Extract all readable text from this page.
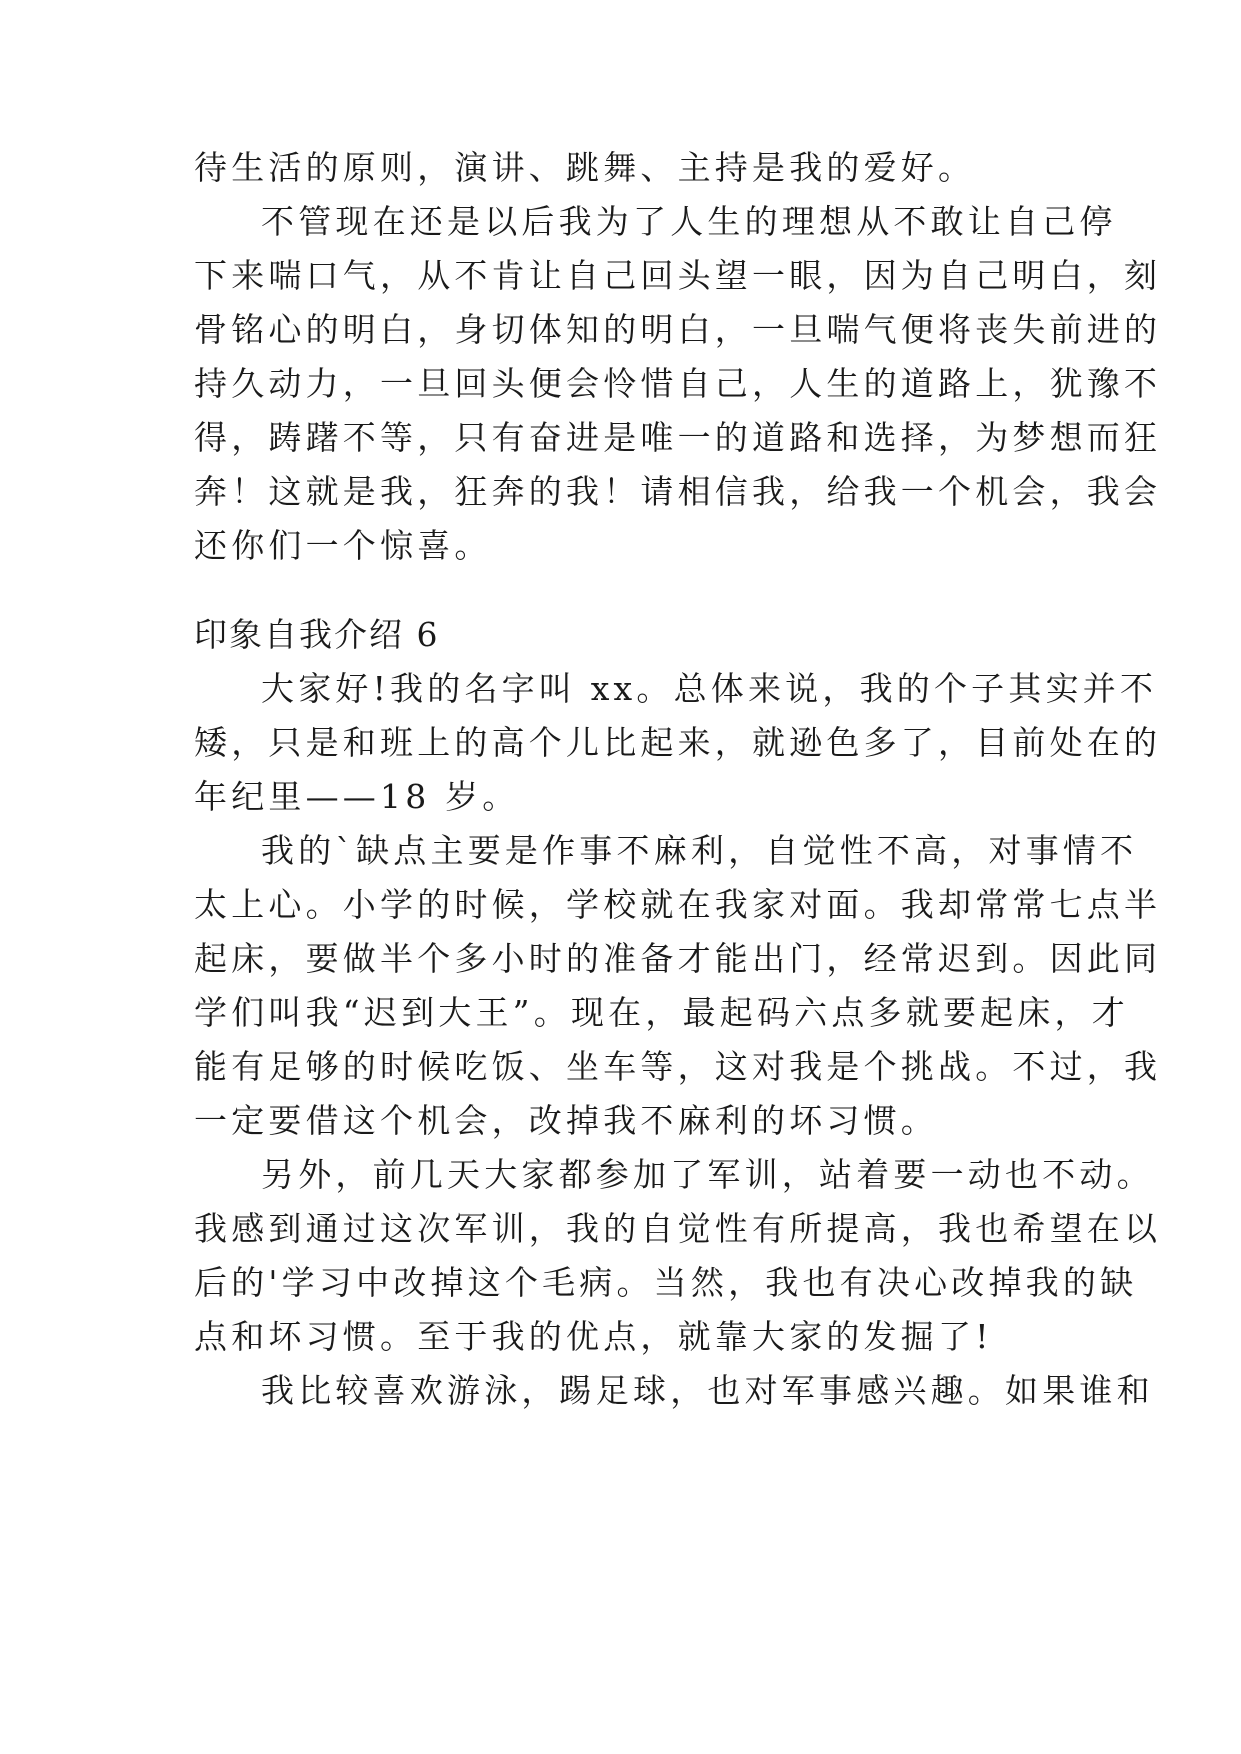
待生活的原则，演讲、跳舞、主持是我的爱好。
不管现在还是以后我为了人生的理想从不敢让自己停
下来喘口气，从不肯让自己回头望一眼，因为自己明白，刻
骨铭心的明白，身切体知的明白，一旦喘气便将丧失前进的
持久动力，一旦回头便会怜惜自己，人生的道路上，犹豫不
得，踌躇不等，只有奋进是唯一的道路和选择，为梦想而狂
奔！这就是我，狂奔的我！请相信我，给我一个机会，我会
还你们一个惊喜。
印象自我介绍 6
大家好!我的名字叫 xx。总体来说，我的个子其实并不
矮，只是和班上的高个儿比起来，就逊色多了，目前处在的
年纪里——18 岁。
我的`缺点主要是作事不麻利，自觉性不高，对事情不
太上心。小学的时候，学校就在我家对面。我却常常七点半
起床，要做半个多小时的准备才能出门，经常迟到。因此同
学们叫我“迟到大王”。现在，最起码六点多就要起床，才
能有足够的时候吃饭、坐车等，这对我是个挑战。不过，我
一定要借这个机会，改掉我不麻利的坏习惯。
另外，前几天大家都参加了军训，站着要一动也不动。
我感到通过这次军训，我的自觉性有所提高，我也希望在以
后的'学习中改掉这个毛病。当然，我也有决心改掉我的缺
点和坏习惯。至于我的优点，就靠大家的发掘了!
我比较喜欢游泳，踢足球，也对军事感兴趣。如果谁和
